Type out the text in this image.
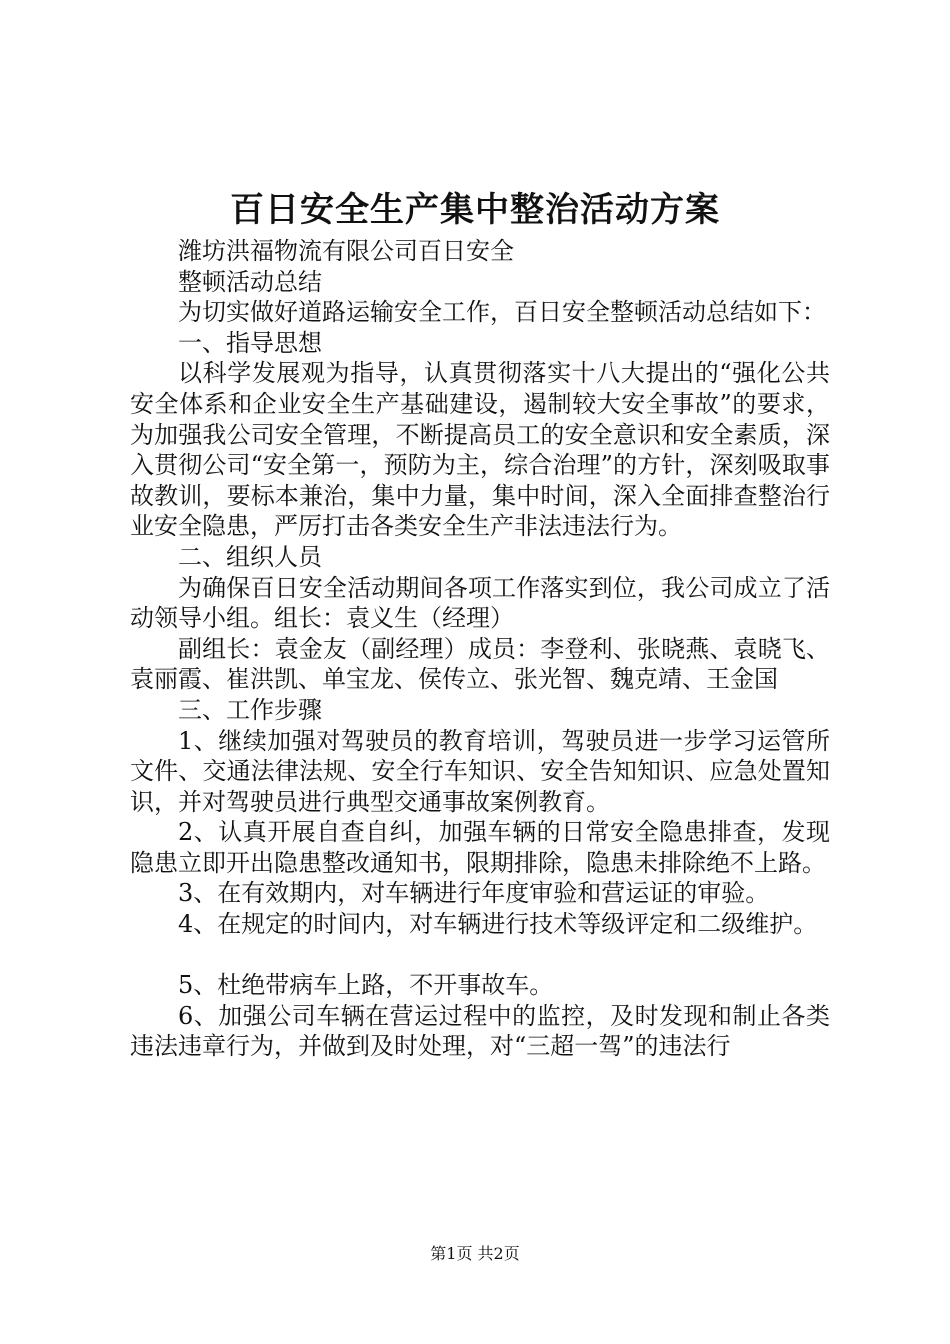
百日安全生产集中整治活动方案

潍坊洪福物流有限公司百日安全

整顿活动总结

为切实做好道路运输安全工作，百日安全整顿活动总结如下：

一、指导思想

以科学发展观为指导，认真贯彻落实十八大提出的“强化公共安全体系和企业安全生产基础建设，遏制较大安全事故”的要求，为加强我公司安全管理，不断提高员工的安全意识和安全素质，深入贯彻公司“安全第一，预防为主，综合治理”的方针，深刻吸取事故教训，要标本兼治，集中力量，集中时间，深入全面排查整治行业安全隐患，严厉打击各类安全生产非法违法行为。

二、组织人员

为确保百日安全活动期间各项工作落实到位，我公司成立了活动领导小组。组长：袁义生（经理）

副组长：袁金友（副经理）成员：李登利、张晓燕、袁晓飞、袁丽霞、崔洪凯、单宝龙、侯传立、张光智、魏克靖、王金国

三、工作步骤

1、继续加强对驾驶员的教育培训，驾驶员进一步学习运管所文件、交通法律法规、安全行车知识、安全告知知识、应急处置知识，并对驾驶员进行典型交通事故案例教育。

2、认真开展自查自纠，加强车辆的日常安全隐患排查，发现隐患立即开出隐患整改通知书，限期排除，隐患未排除绝不上路。

3、在有效期内，对车辆进行年度审验和营运证的审验。

4、在规定的时间内，对车辆进行技术等级评定和二级维护。

5、杜绝带病车上路，不开事故车。

6、加强公司车辆在营运过程中的监控，及时发现和制止各类违法违章行为，并做到及时处理，对“三超一驾”的违法行

第1页 共2页
